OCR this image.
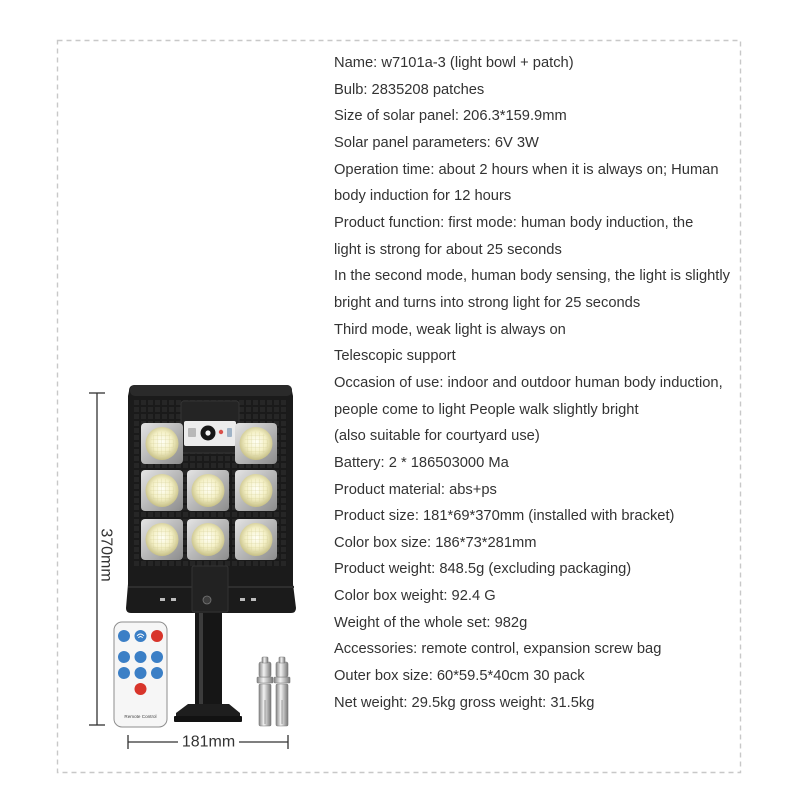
Remote Control
370mm
181mm
Name: w7101a-3 (light bowl + patch)
Bulb: 2835208 patches
Size of solar panel: 206.3*159.9mm
Solar panel parameters: 6V 3W
Operation time: about 2 hours when it is always on; Human
body induction for 12 hours
Product function: first mode: human body induction, the
light is strong for about 25 seconds
In the second mode, human body sensing, the light is slightly
bright and turns into strong light for 25 seconds
Third mode, weak light is always on
Telescopic support
Occasion of use: indoor and outdoor human body induction,
people come to light People walk slightly bright
(also suitable for courtyard use)
Battery: 2 * 186503000 Ma
Product material: abs+ps
Product size: 181*69*370mm (installed with bracket)
Color box size: 186*73*281mm
Product weight: 848.5g (excluding packaging)
Color box weight: 92.4 G
Weight of the whole set: 982g
Accessories: remote control, expansion screw bag
Outer box size: 60*59.5*40cm 30 pack
Net weight: 29.5kg gross weight: 31.5kg
